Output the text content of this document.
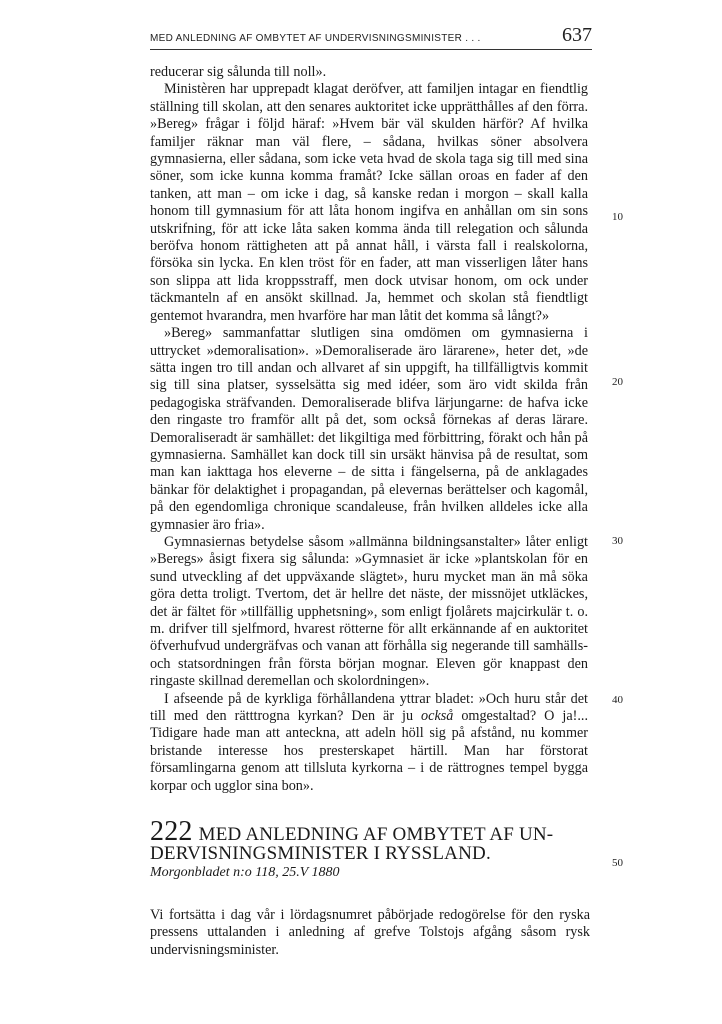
MED ANLEDNING AF OMBYTET AF UNDERVISNINGSMINISTER . . .	637

reducerar sig sålunda till noll».

Ministèren har upprepadt klagat deröfver, att familjen intagar en fiendtlig ställning till skolan, att den senares auktoritet icke upprätthålles af den förra. »Bereg» frågar i följd häraf: »Hvem bär väl skulden härför? Af hvilka familjer räknar man väl flere, – sådana, hvilkas söner absolvera gymnasierna, eller sådana, som icke veta hvad de skola taga sig till med sina söner, som icke kunna komma framåt? Icke sällan oroas en fader af den tanken, att man – om icke i dag, så kanske redan i morgon – skall kalla honom till gymnasium för att låta honom ingifva en anhållan om sin sons utskrifning, för att icke låta saken komma ända till relegation och sålunda beröfva honom rättigheten att på annat håll, i värsta fall i realskolorna, försöka sin lycka. En klen tröst för en fader, att man visserligen låter hans son slippa att lida kroppsstraff, men dock utvisar honom, om ock under täckmanteln af en ansökt skillnad. Ja, hemmet och skolan stå fiendtligt gentemot hvarandra, men hvarföre har man låtit det komma så långt?»

»Bereg» sammanfattar slutligen sina omdömen om gymnasierna i uttrycket »demoralisation». »Demoraliserade äro lärarene», heter det, »de sätta ingen tro till andan och allvaret af sin uppgift, ha tillfälligtvis kommit sig till sina platser, sysselsätta sig med idéer, som äro vidt skilda från pedagogiska sträfvanden. Demoraliserade blifva lärjungarne: de hafva icke den ringaste tro framför allt på det, som också förnekas af deras lärare. Demoraliseradt är samhället: det likgiltiga med förbittring, förakt och hån på gymnasierna. Samhället kan dock till sin ursäkt hänvisa på de resultat, som man kan iakttaga hos eleverne – de sitta i fängelserna, på de anklagades bänkar för delaktighet i propagandan, på elevernas berättelser och kagomål, på den egendomliga chronique scandaleuse, från hvilken alldeles icke alla gymnasier äro fria».

Gymnasiernas betydelse såsom »allmänna bildningsanstalter» låter enligt »Beregs» åsigt fixera sig sålunda: »Gymnasiet är icke »plantskolan för en sund utveckling af det uppväxande slägtet», huru mycket man än må söka göra detta troligt. Tvertom, det är hellre det näste, der missnöjet utkläckes, det är fältet för »tillfällig upphetsning», som enligt fjolårets majcirkulär t. o. m. drifver till sjelfmord, hvarest rötterne för allt erkännande af en auktoritet öfverhufvud undergräfvas och vanan att förhålla sig negerande till samhälls- och statsordningen från första början mognar. Eleven gör knappast den ringaste skillnad deremellan och skolordningen».

I afseende på de kyrkliga förhållandena yttrar bladet: »Och huru står det till med den rätttrogna kyrkan? Den är ju också omgestaltad? O ja!... Tidigare hade man att anteckna, att adeln höll sig på afstånd, nu kommer bristande interesse hos presterskapet härtill. Man har förstorat församlingarna genom att tillsluta kyrkorna – i de rättrognes tempel bygga korpar och ugglor sina bon».

10
20
30
40
50
222 MED ANLEDNING AF OMBYTET AF UN-
DERVISNINGSMINISTER I RYSSLAND.
Morgonbladet n:o 118, 25.V 1880
Vi fortsätta i dag vår i lördagsnumret påbörjade redogörelse för den ryska pressens uttalanden i anledning af grefve Tolstojs afgång såsom rysk undervisningsminister.
